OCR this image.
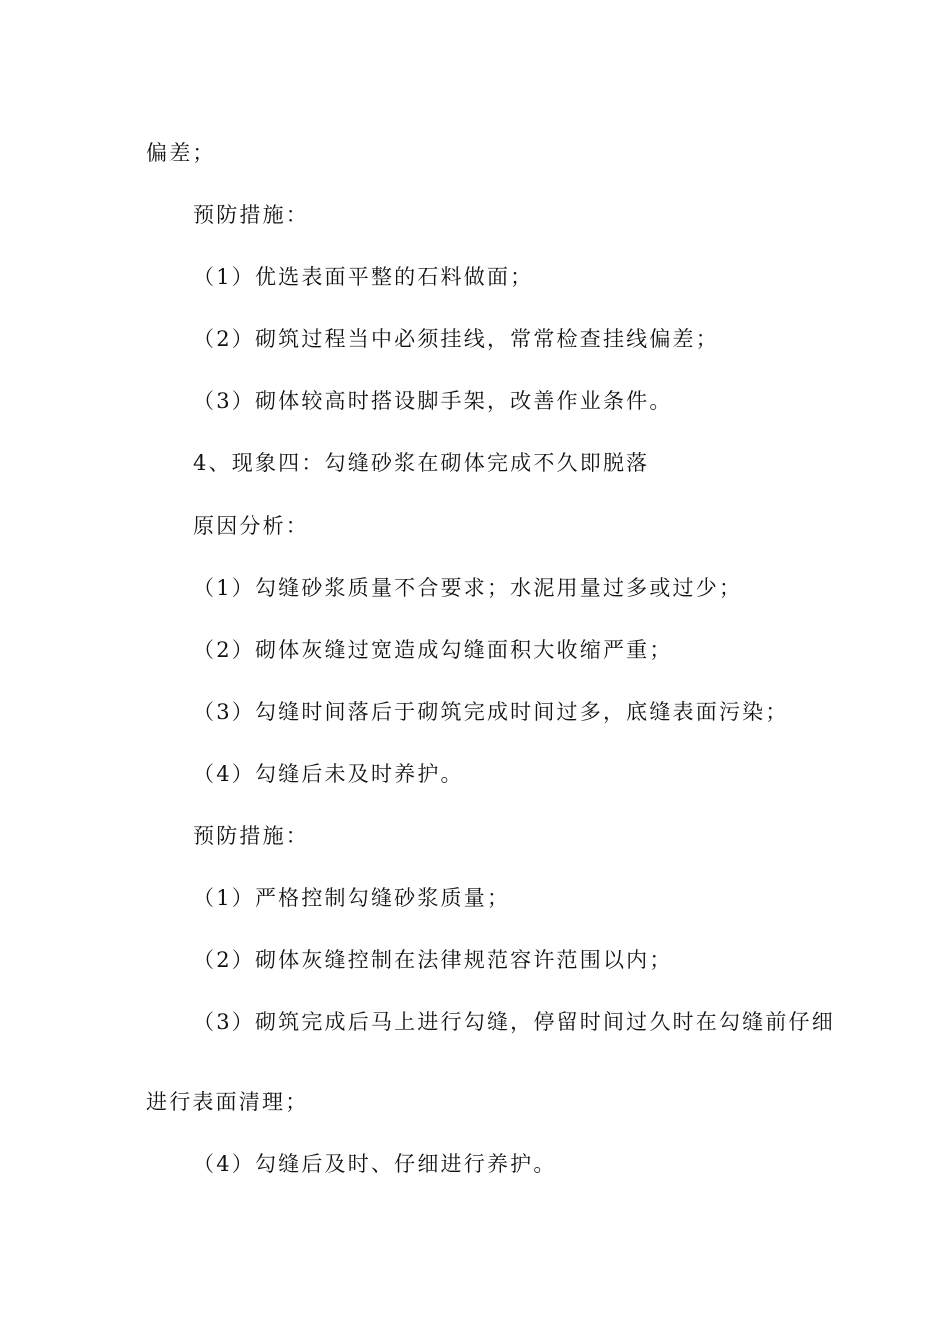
偏差；
预防措施：
（1）优选表面平整的石料做面；
（2）砌筑过程当中必须挂线，常常检查挂线偏差；
（3）砌体较高时搭设脚手架，改善作业条件。
4、现象四：勾缝砂浆在砌体完成不久即脱落
原因分析：
（1）勾缝砂浆质量不合要求；水泥用量过多或过少；
（2）砌体灰缝过宽造成勾缝面积大收缩严重；
（3）勾缝时间落后于砌筑完成时间过多，底缝表面污染；
（4）勾缝后未及时养护。
预防措施：
（1）严格控制勾缝砂浆质量；
（2）砌体灰缝控制在法律规范容许范围以内；
（3）砌筑完成后马上进行勾缝，停留时间过久时在勾缝前仔细
进行表面清理；
（4）勾缝后及时、仔细进行养护。
